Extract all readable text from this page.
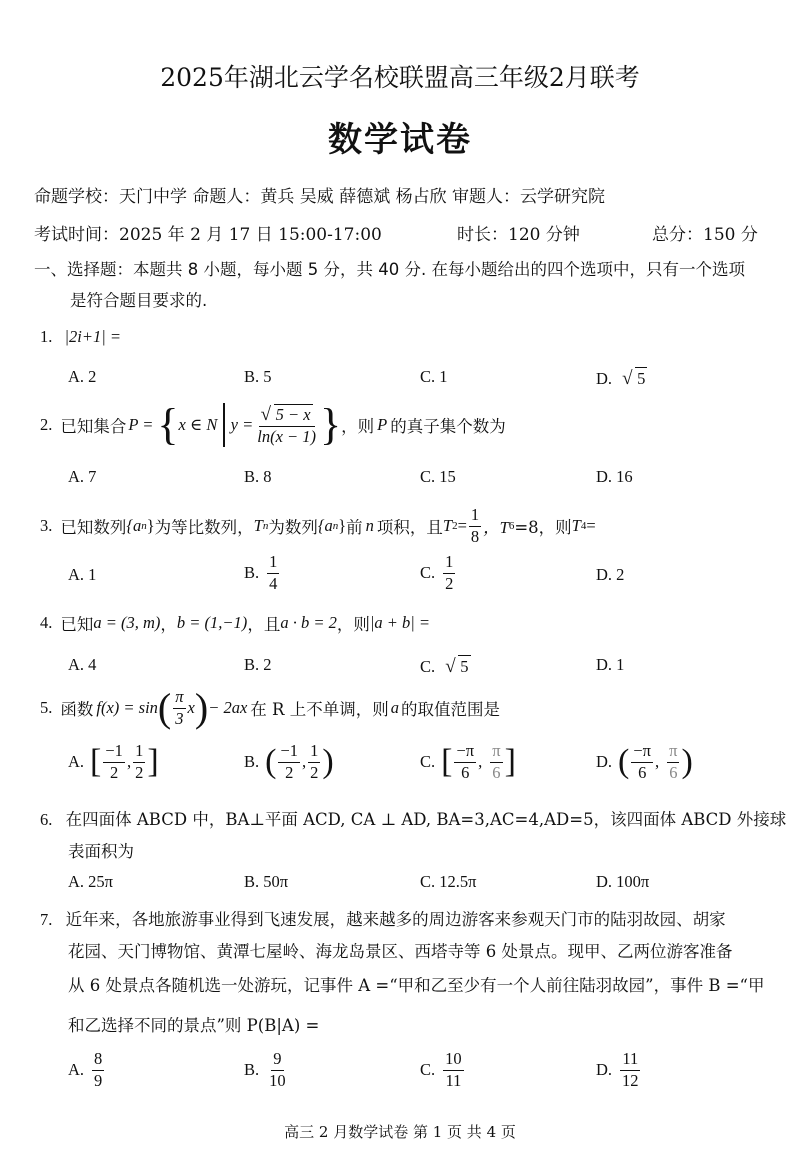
2025年湖北云学名校联盟高三年级2月联考
数学试卷
命题学校：天门中学 命题人：黄兵 吴威 薛德斌 杨占欣 审题人：云学研究院
考试时间：2025 年 2 月 17 日 15:00-17:00	时长：120 分钟	总分：150 分
一、选择题：本题共 8 小题，每小题 5 分，共 40 分. 在每小题给出的四个选项中，只有一个选项
是符合题目要求的.
1. |2i+1| =
A. 2	B. 5	C. 1	D. √ 5
2. 已知集合 P = { x ∈ N $y = \frac{√ 5 - x}{\ln(x - 1)}$ } ，则 P 的真子集个数为
A. 7	B. 8	C. 15	D. 16
3. 已知数列 {a n } 为等比数列， T n 为数列 {a n } 前 n 项积，且 T $2 = \frac{1}{8}$ ，T 6 =8，则 T 4 =
A. 1	B. $\frac{1}{4}$	C. $\frac{1}{2}$	D. 2
4. 已知 a = (3, m) ， b = (1,−1) ，且 a · b = 2 ，则 |a + b| =
A. 4	B. 2	C. √ 5	D. 1
5. 函数 f(x) = sin ( $\frac{\pi}{3}$ x ) − 2ax 在 R 上不单调，则 a 的取值范围是
A. [ $\frac{-1}{2}$ , $\frac{1}{2}$ ]	B. ( $\frac{-1}{2}$ , $\frac{1}{2}$ )	C. [ $\frac{-\pi}{6}$ , $\frac{\pi}{6}$ ]	D. ( $\frac{-\pi}{6}$ , $\frac{\pi}{6}$ )
6. 在四面体 ABCD 中，BA⊥平面 ACD, CA ⊥ AD, BA=3,AC=4,AD=5，该四面体 ABCD 外接球
表面积为
A. 25π	B. 50π	C. 12.5π	D. 100π
7. 近年来，各地旅游事业得到飞速发展，越来越多的周边游客来参观天门市的陆羽故园、胡家
花园、天门博物馆、黄潭七屋岭、海龙岛景区、西塔寺等 6 处景点。现甲、乙两位游客准备
从 6 处景点各随机选一处游玩，记事件 A =“甲和乙至少有一个人前往陆羽故园”，事件 B =“甲
和乙选择不同的景点”则 P(B|A) =
A. $\frac{8}{9}$	B. $\frac{9}{10}$	C. $\frac{10}{11}$	D. $\frac{11}{12}$
高三 2 月数学试卷 第 1 页 共 4 页
